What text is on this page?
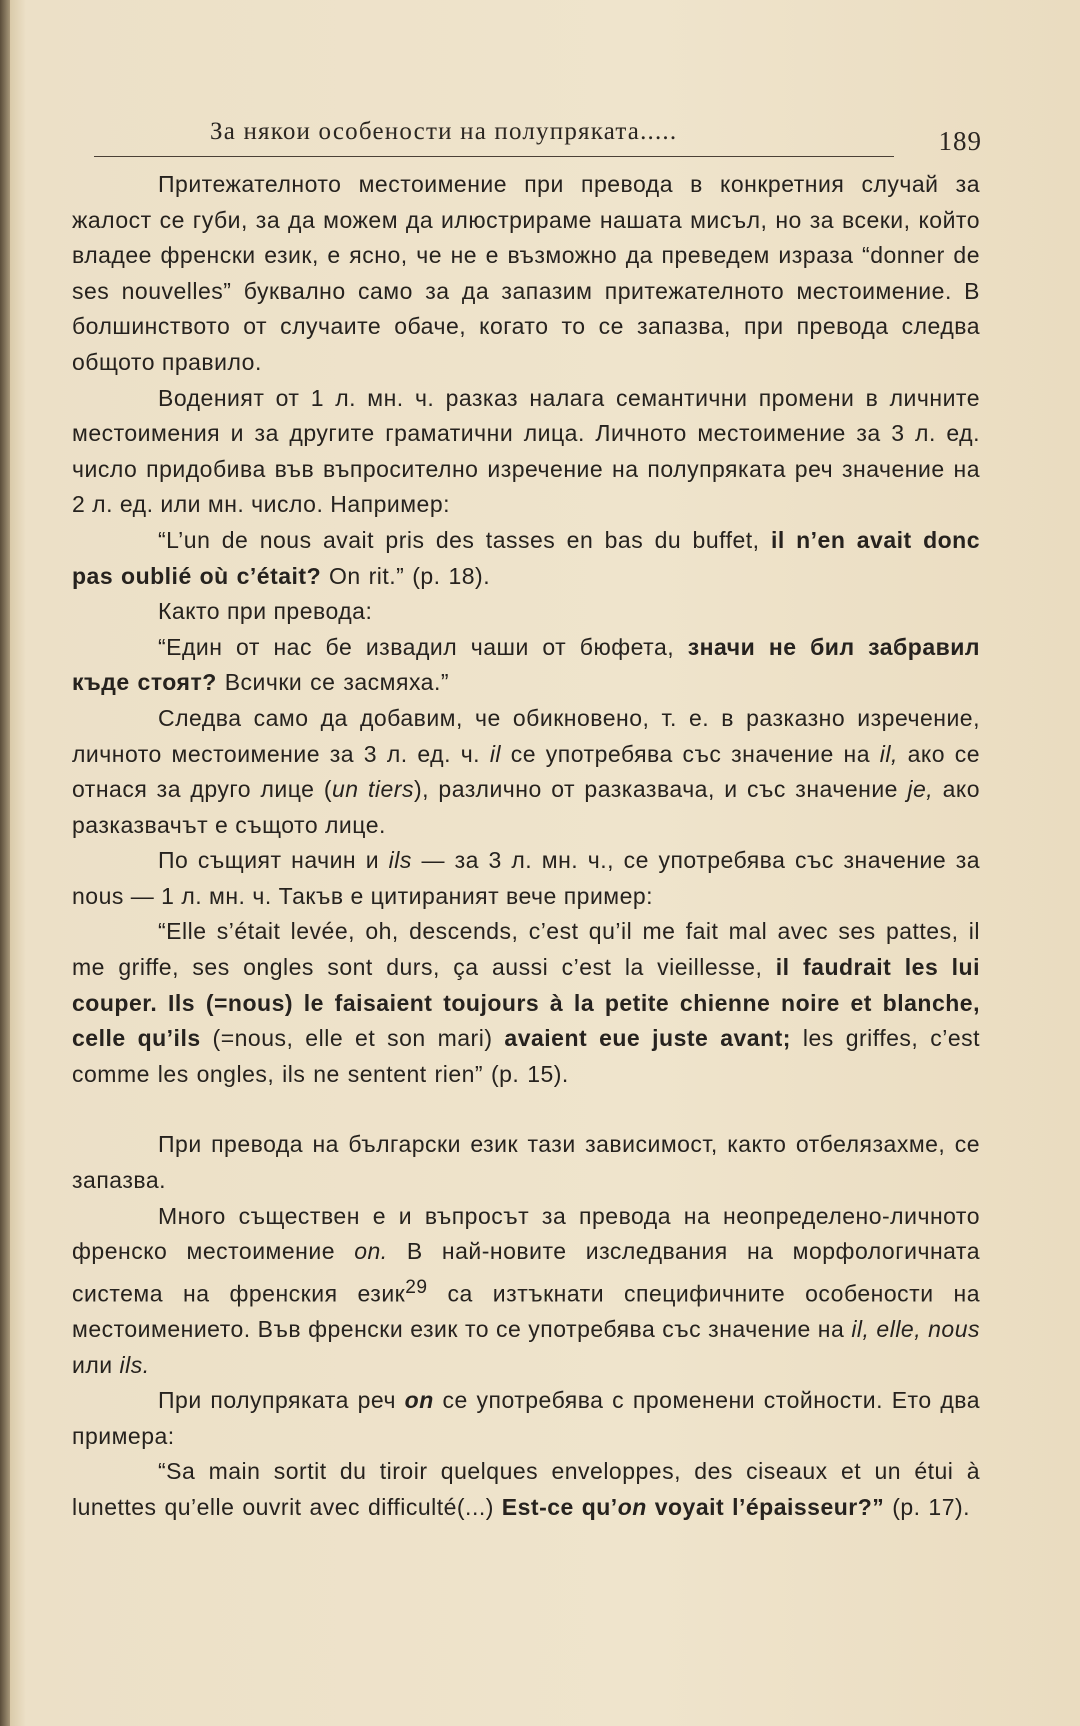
За някои особености на полупряката.....	189

Притежателното местоимение при превода в конкретния случай за жалост се губи, за да можем да илюстрираме нашата мисъл, но за всеки, който владее френски език, е ясно, че не е възможно да преведем израза “donner de ses nouvelles” буквално само за да запазим притежателното местоимение. В болшинството от случаите обаче, когато то се запазва, при превода следва общото правило.

Воденият от 1 л. мн. ч. разказ налага семантични промени в личните местоимения и за другите граматични лица. Личното местоимение за 3 л. ед. число придобива във въпросително изречение на полупряката реч значение на 2 л. ед. или мн. число. Например:

“L’un de nous avait pris des tasses en bas du buffet, il n’en avait donc pas oublié où c’était? On rit.” (p. 18).

Както при превода:

“Един от нас бе извадил чаши от бюфета, значи не бил забравил къде стоят? Всички се засмяха.”

Следва само да добавим, че обикновено, т. е. в разказно изречение, личното местоимение за 3 л. ед. ч. il се употребява със значение на il, ако се отнася за друго лице (un tiers), различно от разказвача, и със значение je, ако разказвачът е същото лице.

По същият начин и ils — за 3 л. мн. ч., се употребява със значение за nous — 1 л. мн. ч. Такъв е цитираният вече пример:

“Elle s’était levée, oh, descends, c’est qu’il me fait mal avec ses pattes, il me griffe, ses ongles sont durs, ça aussi c’est la vieillesse, il faudrait les lui couper. Ils (=nous) le faisaient toujours à la petite chienne noire et blanche, celle qu’ils (=nous, elle et son mari) avaient eue juste avant; les griffes, c’est comme les ongles, ils ne sentent rien” (p. 15).

При превода на български език тази зависимост, както отбелязахме, се запазва.

Много съществен е и въпросът за превода на неопределено-личното френско местоимение on. В най-новите изследвания на морфологичната система на френския език$^{29}$ са изтъкнати специфичните особености на местоимението. Във френски език то се употребява със значение на il, elle, nous или ils.

При полупряката реч on се употребява с променени стойности. Ето два примера:

“Sa main sortit du tiroir quelques enveloppes, des ciseaux et un étui à lunettes qu’elle ouvrit avec difficulté(...) Est-ce qu’on voyait l’épaisseur?” (p. 17).
